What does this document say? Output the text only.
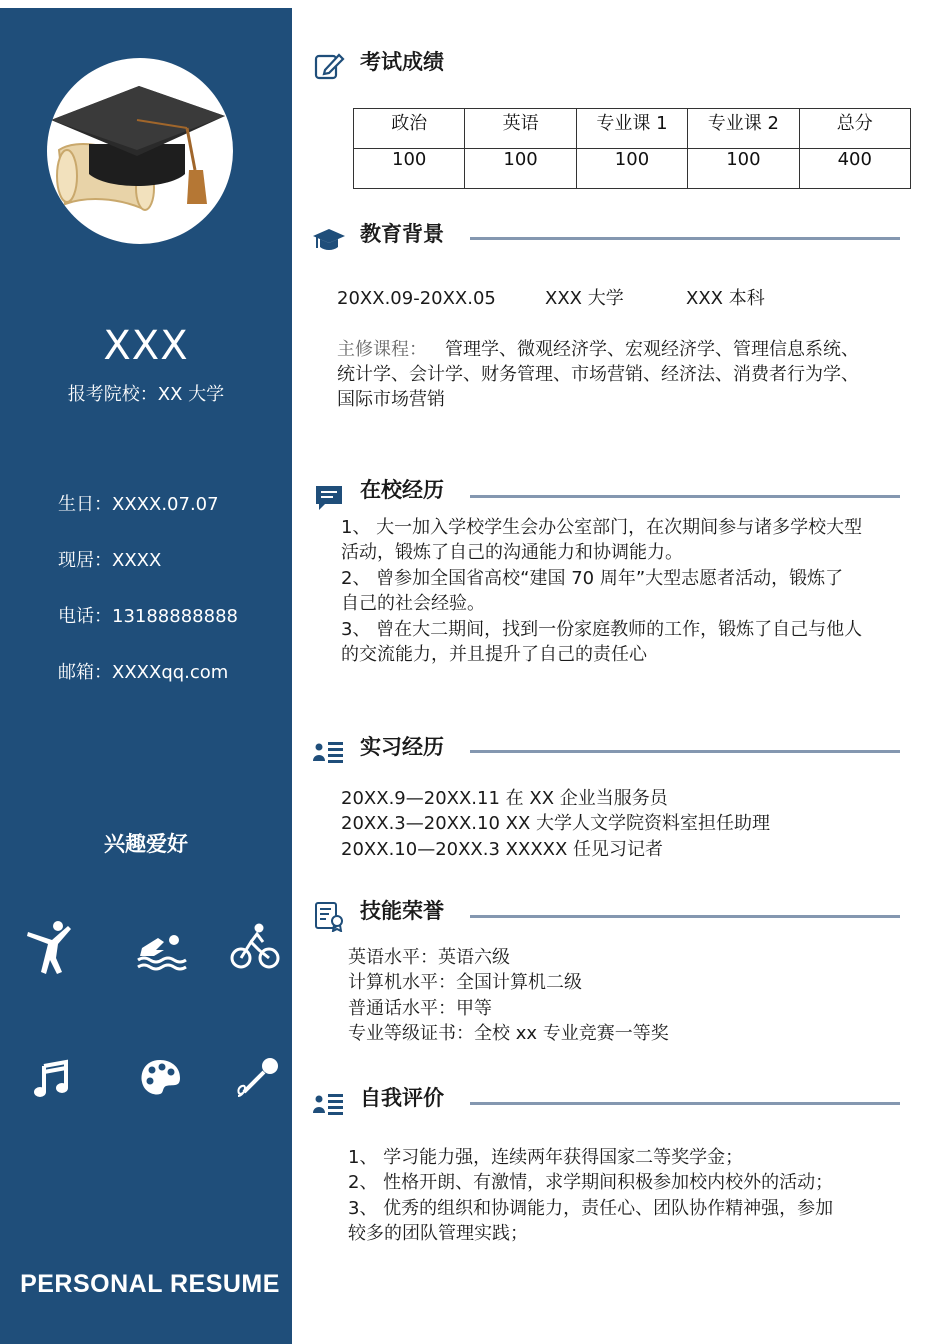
XXX
报考院校：XX 大学
生日：XXXX.07.07
现居：XXXX
电话：13188888888
邮箱：XXXXqq.com
兴趣爱好
PERSONAL RESUME
考试成绩
政治	英语	专业课 1	专业课 2	总分
100	100	100	100	400
教育背景
20XX.09-20XX.05	XXX 大学	XXX 本科
主修课程： 管理学、微观经济学、宏观经济学、管理信息系统、
统计学、会计学、财务管理、市场营销、经济法、消费者行为学、
国际市场营销
在校经历
1、 大一加入学校学生会办公室部门，在次期间参与诸多学校大型
活动，锻炼了自己的沟通能力和协调能力。
2、 曾参加全国省高校“建国 70 周年”大型志愿者活动，锻炼了
自己的社会经验。
3、 曾在大二期间，找到一份家庭教师的工作，锻炼了自己与他人
的交流能力，并且提升了自己的责任心
实习经历
20XX.9—20XX.11 在 XX 企业当服务员
20XX.3—20XX.10 XX 大学人文学院资料室担任助理
20XX.10—20XX.3 XXXXX 任见习记者
技能荣誉
英语水平：英语六级
计算机水平：全国计算机二级
普通话水平：甲等
专业等级证书：全校 xx 专业竞赛一等奖
自我评价
1、 学习能力强，连续两年获得国家二等奖学金；
2、 性格开朗、有激情，求学期间积极参加校内校外的活动；
3、 优秀的组织和协调能力，责任心、团队协作精神强，参加
较多的团队管理实践；
